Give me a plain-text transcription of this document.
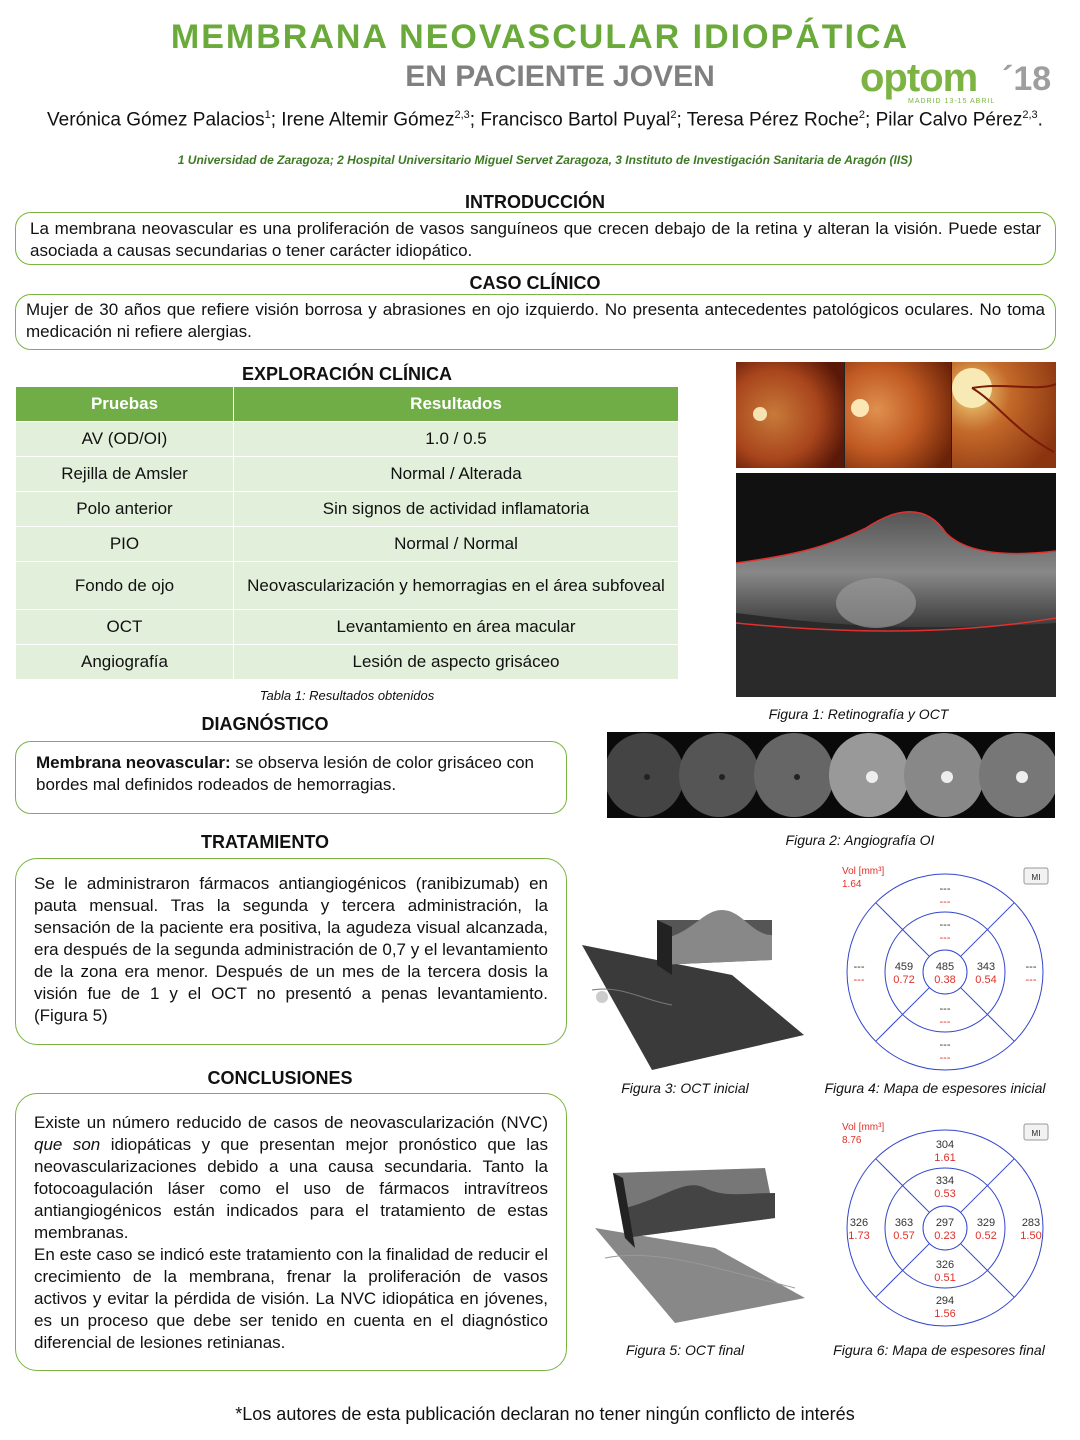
MEMBRANA NEOVASCULAR IDIOPÁTICA
EN PACIENTE JOVEN	optom ´18
MADRID 13-15 ABRIL
Verónica Gómez Palacios$^1$; Irene Altemir Gómez$^{2,3}$; Francisco Bartol Puyal$^2$; Teresa Pérez Roche$^2$; Pilar Calvo Pérez$^{2,3}$.
1 Universidad de Zaragoza; 2 Hospital Universitario Miguel Servet Zaragoza, 3 Instituto de Investigación Sanitaria de Aragón (IIS)
INTRODUCCIÓN
La membrana neovascular es una proliferación de vasos sanguíneos que crecen debajo de la retina y alteran la visión. Puede estar asociada a causas secundarias o tener carácter idiopático.
CASO CLÍNICO
Mujer de 30 años que refiere visión borrosa y abrasiones en ojo izquierdo. No presenta antecedentes patológicos oculares. No toma medicación ni refiere alergias.
EXPLORACIÓN CLÍNICA
Pruebas	Resultados
AV (OD/OI)	1.0 / 0.5
Rejilla de Amsler	Normal / Alterada
Polo anterior	Sin signos de actividad inflamatoria
PIO	Normal / Normal
Fondo de ojo	Neovascularización y hemorragias en el área subfoveal
OCT	Levantamiento en área macular
Angiografía	Lesión de aspecto grisáceo
Tabla 1: Resultados obtenidos
Figura 1: Retinografía y OCT
DIAGNÓSTICO
Membrana neovascular: se observa lesión de color grisáceo con bordes mal definidos rodeados de hemorragias.
Figura 2: Angiografía OI
TRATAMIENTO
Se le administraron fármacos antiangiogénicos (ranibizumab) en pauta mensual. Tras la segunda y tercera administración, la sensación de la paciente era positiva, la agudeza visual alcanzada, era después de la segunda administración de 0,7 y el levantamiento de la zona era menor. Después de un mes de la tercera dosis la visión fue de 1 y el OCT no presentó a penas levantamiento. (Figura 5)
Figura 3: OCT inicial
Vol [mm³]
1.64
MI
---
---
---
---
---
---
459
0.72
485
0.38
343
0.54
---
---
---
---
---
---
Figura 4: Mapa de espesores inicial
CONCLUSIONES
Existe un número reducido de casos de neovascularización (NVC) que son idiopáticas y que presentan mejor pronóstico que las neovascularizaciones debido a una causa secundaria. Tanto la fotocoagulación láser como el uso de fármacos intravítreos antiangiogénicos están indicados para el tratamiento de estas membranas.
En este caso se indicó este tratamiento con la finalidad de reducir el crecimiento de la membrana, frenar la proliferación de vasos activos y evitar la pérdida de visión. La NVC idiopática en jóvenes, es un proceso que debe ser tenido en cuenta en el diagnóstico diferencial de lesiones retinianas.	Figura 5: OCT final
Vol [mm³]
8.76
MI
304
1.61
334
0.53
326
1.73
363
0.57
297
0.23
329
0.52
283
1.50
326
0.51
294
1.56
Figura 6: Mapa de espesores final
*Los autores de esta publicación declaran no tener ningún conflicto de interés
